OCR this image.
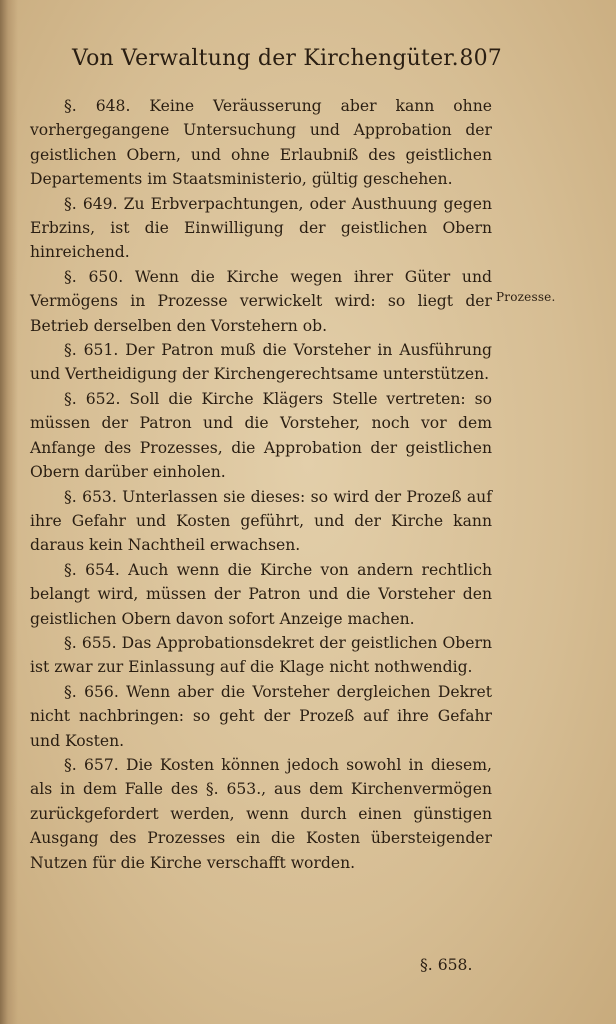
Von Verwaltung der Kirchengüter. 807

§. 648. Keine Veräusserung aber kann ohne vorhergegangene Untersuchung und Approbation der geistlichen Obern, und ohne Erlaubniß des geistlichen Departements im Staatsministerio, gültig geschehen.

§. 649. Zu Erbverpachtungen, oder Austhuung gegen Erbzins, ist die Einwilligung der geistlichen Obern hinreichend.

§. 650. Wenn die Kirche wegen ihrer Güter und Vermögens in Prozesse verwickelt wird: so liegt der Betrieb derselben den Vorstehern ob.

§. 651. Der Patron muß die Vorsteher in Ausführung und Vertheidigung der Kirchengerechtsame unterstützen.

§. 652. Soll die Kirche Klägers Stelle vertreten: so müssen der Patron und die Vorsteher, noch vor dem Anfange des Prozesses, die Approbation der geistlichen Obern darüber einholen.

§. 653. Unterlassen sie dieses: so wird der Prozeß auf ihre Gefahr und Kosten geführt, und der Kirche kann daraus kein Nachtheil erwachsen.

§. 654. Auch wenn die Kirche von andern rechtlich belangt wird, müssen der Patron und die Vorsteher den geistlichen Obern davon sofort Anzeige machen.

§. 655. Das Approbationsdekret der geistlichen Obern ist zwar zur Einlassung auf die Klage nicht nothwendig.

§. 656. Wenn aber die Vorsteher dergleichen Dekret nicht nachbringen: so geht der Prozeß auf ihre Gefahr und Kosten.

§. 657. Die Kosten können jedoch sowohl in diesem, als in dem Falle des §. 653., aus dem Kirchenvermögen zurückgefordert werden, wenn durch einen günstigen Ausgang des Prozesses ein die Kosten übersteigender Nutzen für die Kirche verschafft worden.

Prozesse.
§. 658.
